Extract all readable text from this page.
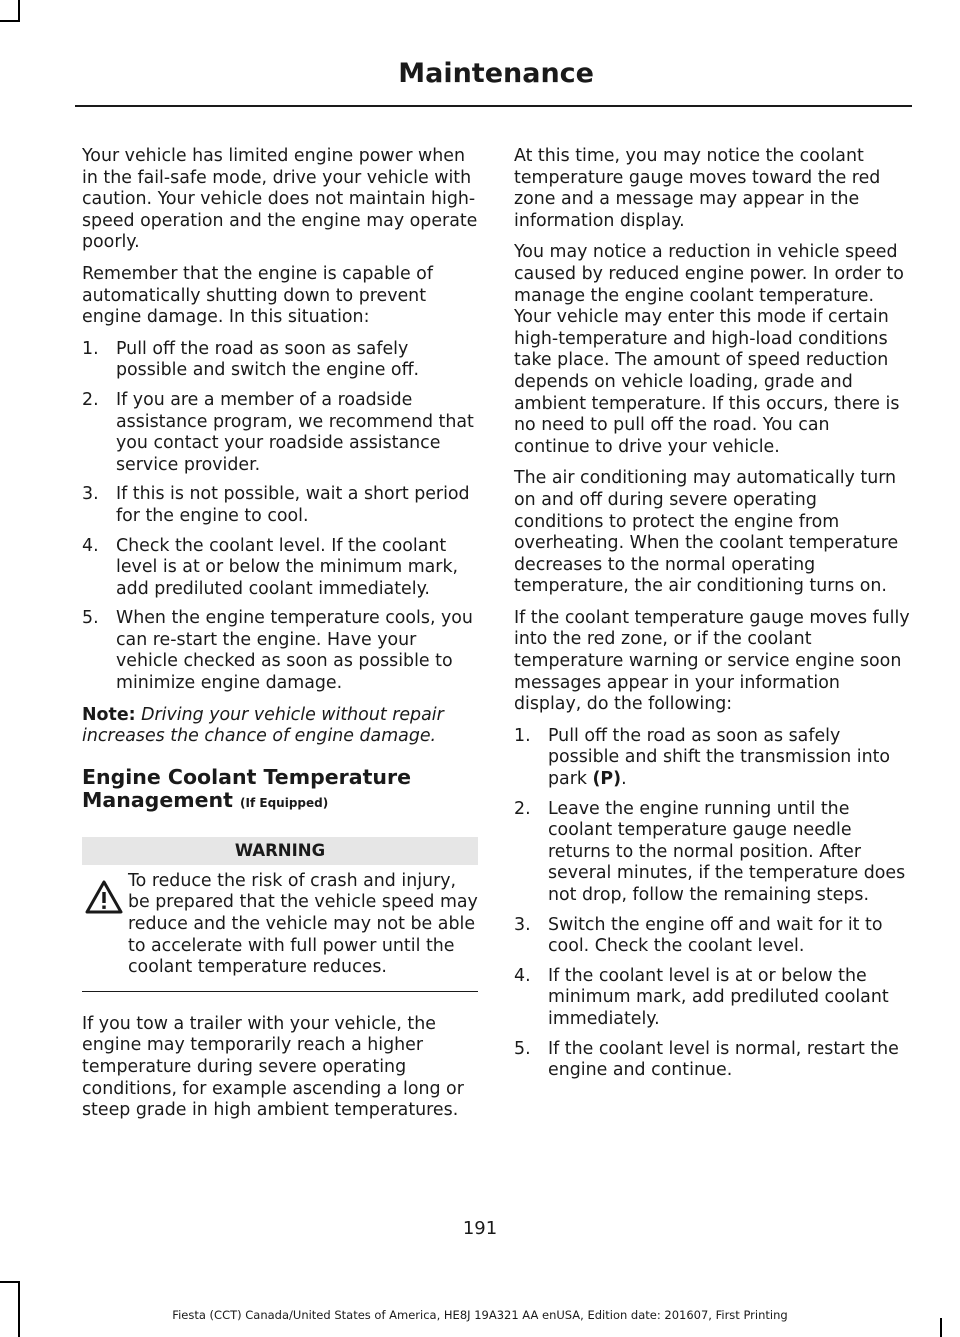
Maintenance

Your vehicle has limited engine power when in the fail-safe mode, drive your vehicle with caution. Your vehicle does not maintain high-speed operation and the engine may operate poorly.

Remember that the engine is capable of automatically shutting down to prevent engine damage. In this situation:

1. Pull off the road as soon as safely possible and switch the engine off.
2. If you are a member of a roadside assistance program, we recommend that you contact your roadside assistance service provider.
3. If this is not possible, wait a short period for the engine to cool.
4. Check the coolant level. If the coolant level is at or below the minimum mark, add prediluted coolant immediately.
5. When the engine temperature cools, you can re-start the engine. Have your vehicle checked as soon as possible to minimize engine damage.

Note: Driving your vehicle without repair increases the chance of engine damage.

Engine Coolant Temperature
Management (If Equipped)
WARNING
To reduce the risk of crash and injury, be prepared that the vehicle speed may reduce and the vehicle may not be able to accelerate with full power until the coolant temperature reduces.

If you tow a trailer with your vehicle, the engine may temporarily reach a higher temperature during severe operating conditions, for example ascending a long or steep grade in high ambient temperatures.

At this time, you may notice the coolant temperature gauge moves toward the red zone and a message may appear in the information display.

You may notice a reduction in vehicle speed caused by reduced engine power. In order to manage the engine coolant temperature. Your vehicle may enter this mode if certain high-temperature and high-load conditions take place. The amount of speed reduction depends on vehicle loading, grade and ambient temperature. If this occurs, there is no need to pull off the road. You can continue to drive your vehicle.

The air conditioning may automatically turn on and off during severe operating conditions to protect the engine from overheating. When the coolant temperature decreases to the normal operating temperature, the air conditioning turns on.

If the coolant temperature gauge moves fully into the red zone, or if the coolant temperature warning or service engine soon messages appear in your information display, do the following:

1. Pull off the road as soon as safely possible and shift the transmission into park (P).
2. Leave the engine running until the coolant temperature gauge needle returns to the normal position. After several minutes, if the temperature does not drop, follow the remaining steps.
3. Switch the engine off and wait for it to cool. Check the coolant level.
4. If the coolant level is at or below the minimum mark, add prediluted coolant immediately.
5. If the coolant level is normal, restart the engine and continue.
191
Fiesta (CCT) Canada/United States of America, HE8J 19A321 AA enUSA, Edition date: 201607, First Printing
